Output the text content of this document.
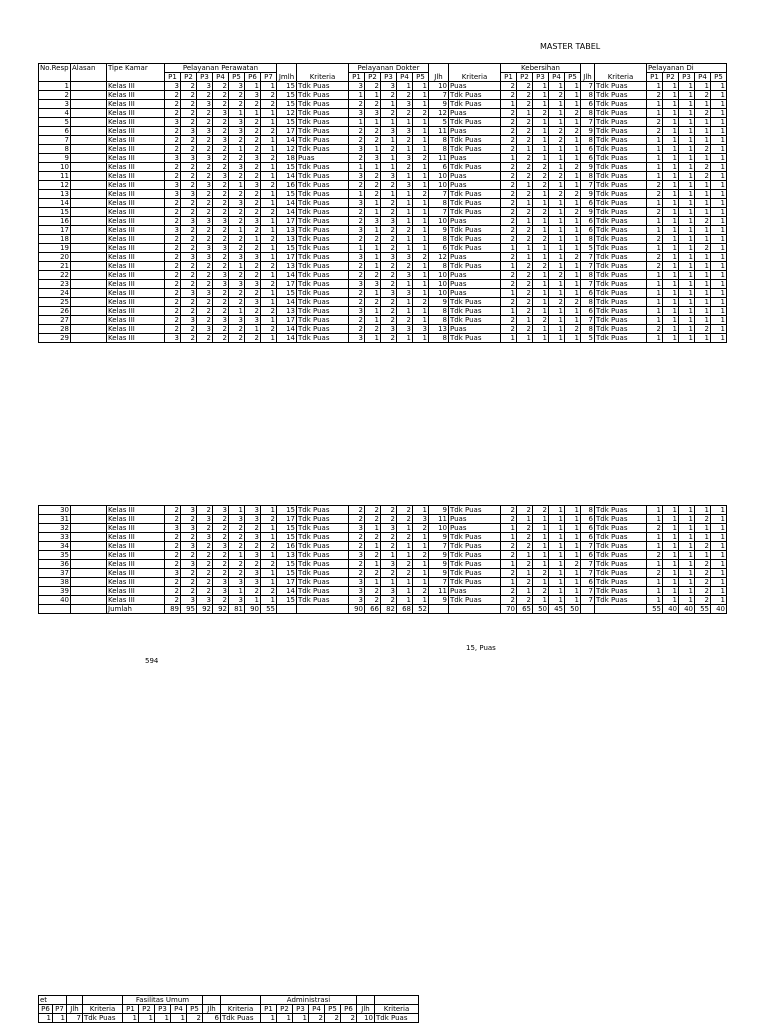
MASTER TABEL
No.Resp	Alasan	Tipe Kamar	Pelayanan Perawatan									Pelayanan Dokter							Kebersihan							Pelayanan Di				
			P1	P2	P3	P4	P5	P6	P7	Jmlh	Kriteria	P1	P2	P3	P4	P5	Jlh	Kriteria	P1	P2	P3	P4	P5	Jlh	Kriteria	P1	P2	P3	P4	P5
1		Kelas III	3	2	3	2	3	1	1	15	Tdk Puas	3	2	3	1	1	10	Puas	2	2	1	1	1	7	Tdk Puas	1	1	1	1	1
2		Kelas III	2	2	2	2	2	3	2	15	Tdk Puas	1	1	2	2	1	7	Tdk Puas	2	2	1	2	1	8	Tdk Puas	2	1	1	2	1
3		Kelas III	2	2	3	2	2	2	2	15	Tdk Puas	2	2	1	3	1	9	Tdk Puas	1	2	1	1	1	6	Tdk Puas	1	1	1	1	1
4		Kelas III	2	2	2	3	1	1	1	12	Tdk Puas	3	3	2	2	2	12	Puas	2	1	2	1	2	8	Tdk Puas	1	1	1	2	1
5		Kelas III	3	2	2	2	3	2	1	15	Tdk Puas	1	1	1	1	1	5	Tdk Puas	2	2	1	1	1	7	Tdk Puas	2	1	1	1	1
6		Kelas III	2	3	3	2	3	2	2	17	Tdk Puas	2	2	3	3	1	11	Puas	2	2	1	2	2	9	Tdk Puas	2	1	1	1	1
7		Kelas III	2	2	2	3	2	2	1	14	Tdk Puas	2	2	1	2	1	8	Tdk Puas	2	2	1	2	1	8	Tdk Puas	1	1	1	1	1
8		Kelas III	2	2	2	2	1	2	1	12	Tdk Puas	3	1	2	1	1	8	Tdk Puas	2	1	1	1	1	6	Tdk Puas	1	1	1	2	1
9		Kelas III	3	3	3	2	2	3	2	18	Puas	2	3	1	3	2	11	Puas	1	2	1	1	1	6	Tdk Puas	1	1	1	1	1
10		Kelas III	2	2	2	2	3	2	1	15	Tdk Puas	1	1	1	2	1	6	Tdk Puas	2	2	2	1	2	9	Tdk Puas	1	1	1	2	1
11		Kelas III	2	2	2	3	2	2	1	14	Tdk Puas	3	2	3	1	1	10	Puas	2	2	2	2	1	8	Tdk Puas	1	1	1	2	1
12		Kelas III	3	2	3	2	1	3	2	16	Tdk Puas	2	2	2	3	1	10	Puas	2	1	2	1	1	7	Tdk Puas	2	1	1	1	1
13		Kelas III	3	3	2	2	2	2	1	15	Tdk Puas	1	2	1	1	2	7	Tdk Puas	2	2	1	2	2	9	Tdk Puas	2	1	1	1	1
14		Kelas III	2	2	2	2	3	2	1	14	Tdk Puas	3	1	2	1	1	8	Tdk Puas	2	1	1	1	1	6	Tdk Puas	1	1	1	1	1
15		Kelas III	2	2	2	2	2	2	2	14	Tdk Puas	2	1	2	1	1	7	Tdk Puas	2	2	2	1	2	9	Tdk Puas	2	1	1	1	1
16		Kelas III	2	3	3	3	2	3	1	17	Tdk Puas	2	3	3	1	1	10	Puas	2	1	1	1	1	6	Tdk Puas	1	1	1	2	1
17		Kelas III	3	2	2	2	1	2	1	13	Tdk Puas	3	1	2	2	1	9	Tdk Puas	2	2	1	1	1	6	Tdk Puas	1	1	1	1	1
18		Kelas III	2	2	2	2	2	1	2	13	Tdk Puas	2	2	2	1	1	8	Tdk Puas	2	2	2	1	1	8	Tdk Puas	2	1	1	1	1
19		Kelas III	2	2	3	3	2	2	1	15	Tdk Puas	1	1	2	1	1	6	Tdk Puas	1	1	1	1	1	5	Tdk Puas	1	1	1	2	1
20		Kelas III	2	3	3	2	3	3	1	17	Tdk Puas	3	1	3	3	2	12	Puas	2	1	1	1	2	7	Tdk Puas	2	1	1	1	1
21		Kelas III	2	2	2	2	1	2	2	13	Tdk Puas	2	1	2	2	1	8	Tdk Puas	1	2	2	1	1	7	Tdk Puas	2	1	1	1	1
22		Kelas III	2	2	2	3	2	2	1	14	Tdk Puas	2	2	2	3	1	10	Puas	2	2	1	2	1	8	Tdk Puas	1	1	1	1	1
23		Kelas III	2	2	2	3	3	3	2	17	Tdk Puas	3	3	2	1	1	10	Puas	2	2	1	1	1	7	Tdk Puas	1	1	1	1	1
24		Kelas III	2	3	3	2	2	2	1	15	Tdk Puas	2	1	3	3	1	10	Puas	1	2	1	1	1	6	Tdk Puas	1	1	1	1	1
25		Kelas III	2	2	2	2	2	3	1	14	Tdk Puas	2	2	2	1	2	9	Tdk Puas	2	2	1	2	2	8	Tdk Puas	1	1	1	1	1
26		Kelas III	2	2	2	2	1	2	2	13	Tdk Puas	3	1	2	1	1	8	Tdk Puas	1	2	1	1	1	6	Tdk Puas	1	1	1	1	1
27		Kelas III	2	3	2	3	3	3	1	17	Tdk Puas	2	1	2	2	1	8	Tdk Puas	2	1	2	1	1	7	Tdk Puas	1	1	1	1	1
28		Kelas III	2	2	3	2	2	1	2	14	Tdk Puas	2	2	3	3	3	13	Puas	2	2	1	1	2	8	Tdk Puas	2	1	1	2	1
29		Kelas III	3	2	2	2	2	2	1	14	Tdk Puas	3	1	2	1	1	8	Tdk Puas	1	1	1	1	1	5	Tdk Puas	1	1	1	1	1
30		Kelas III	2	3	2	3	1	3	1	15	Tdk Puas	2	2	2	2	1	9	Tdk Puas	2	2	2	1	1	8	Tdk Puas	1	1	1	1	1
31		Kelas III	2	2	3	2	3	3	2	17	Tdk Puas	2	2	2	2	3	11	Puas	2	1	1	1	1	6	Tdk Puas	1	1	1	2	1
32		Kelas III	3	3	2	2	2	2	1	15	Tdk Puas	3	1	3	1	2	10	Puas	1	2	1	1	1	6	Tdk Puas	2	1	1	1	1
33		Kelas III	2	2	3	2	2	3	1	15	Tdk Puas	2	2	2	2	1	9	Tdk Puas	1	2	1	1	1	6	Tdk Puas	1	1	1	1	1
34		Kelas III	2	3	2	3	2	2	2	16	Tdk Puas	2	1	2	1	1	7	Tdk Puas	2	2	1	1	1	7	Tdk Puas	1	1	1	2	1
35		Kelas III	2	2	2	2	1	3	1	13	Tdk Puas	3	2	1	1	2	9	Tdk Puas	2	1	1	1	1	6	Tdk Puas	2	1	1	1	1
36		Kelas III	2	3	2	2	2	2	2	15	Tdk Puas	2	1	3	2	1	9	Tdk Puas	1	2	1	1	2	7	Tdk Puas	1	1	1	2	1
37		Kelas III	3	2	2	2	2	3	1	15	Tdk Puas	2	2	2	2	1	9	Tdk Puas	2	1	2	1	1	7	Tdk Puas	2	1	1	2	1
38		Kelas III	2	2	2	3	3	3	1	17	Tdk Puas	3	1	1	1	1	7	Tdk Puas	1	2	1	1	1	6	Tdk Puas	1	1	1	2	1
39		Kelas III	2	2	2	3	1	2	2	14	Tdk Puas	3	2	3	1	2	11	Puas	2	1	2	1	1	7	Tdk Puas	1	1	1	2	1
40		Kelas III	2	3	3	2	3	1	1	15	Tdk Puas	3	2	2	1	1	9	Tdk Puas	2	2	1	1	1	7	Tdk Puas	1	1	1	2	1
		Jumlah	89	95	92	92	81	90	55			90	66	82	68	52			70	65	50	45	50			55	40	40	55	40
594
15, Puas
et				Fasilitas Umum							Administrasi							
P6	P7	Jlh	Kriteria	P1	P2	P3	P4	P5	Jlh	Kriteria	P1	P2	P3	P4	P5	P6	Jlh	Kriteria
1	1	7	Tdk Puas	1	1	1	1	2	6	Tdk Puas	1	1	1	2	2	2	10	Tdk Puas
